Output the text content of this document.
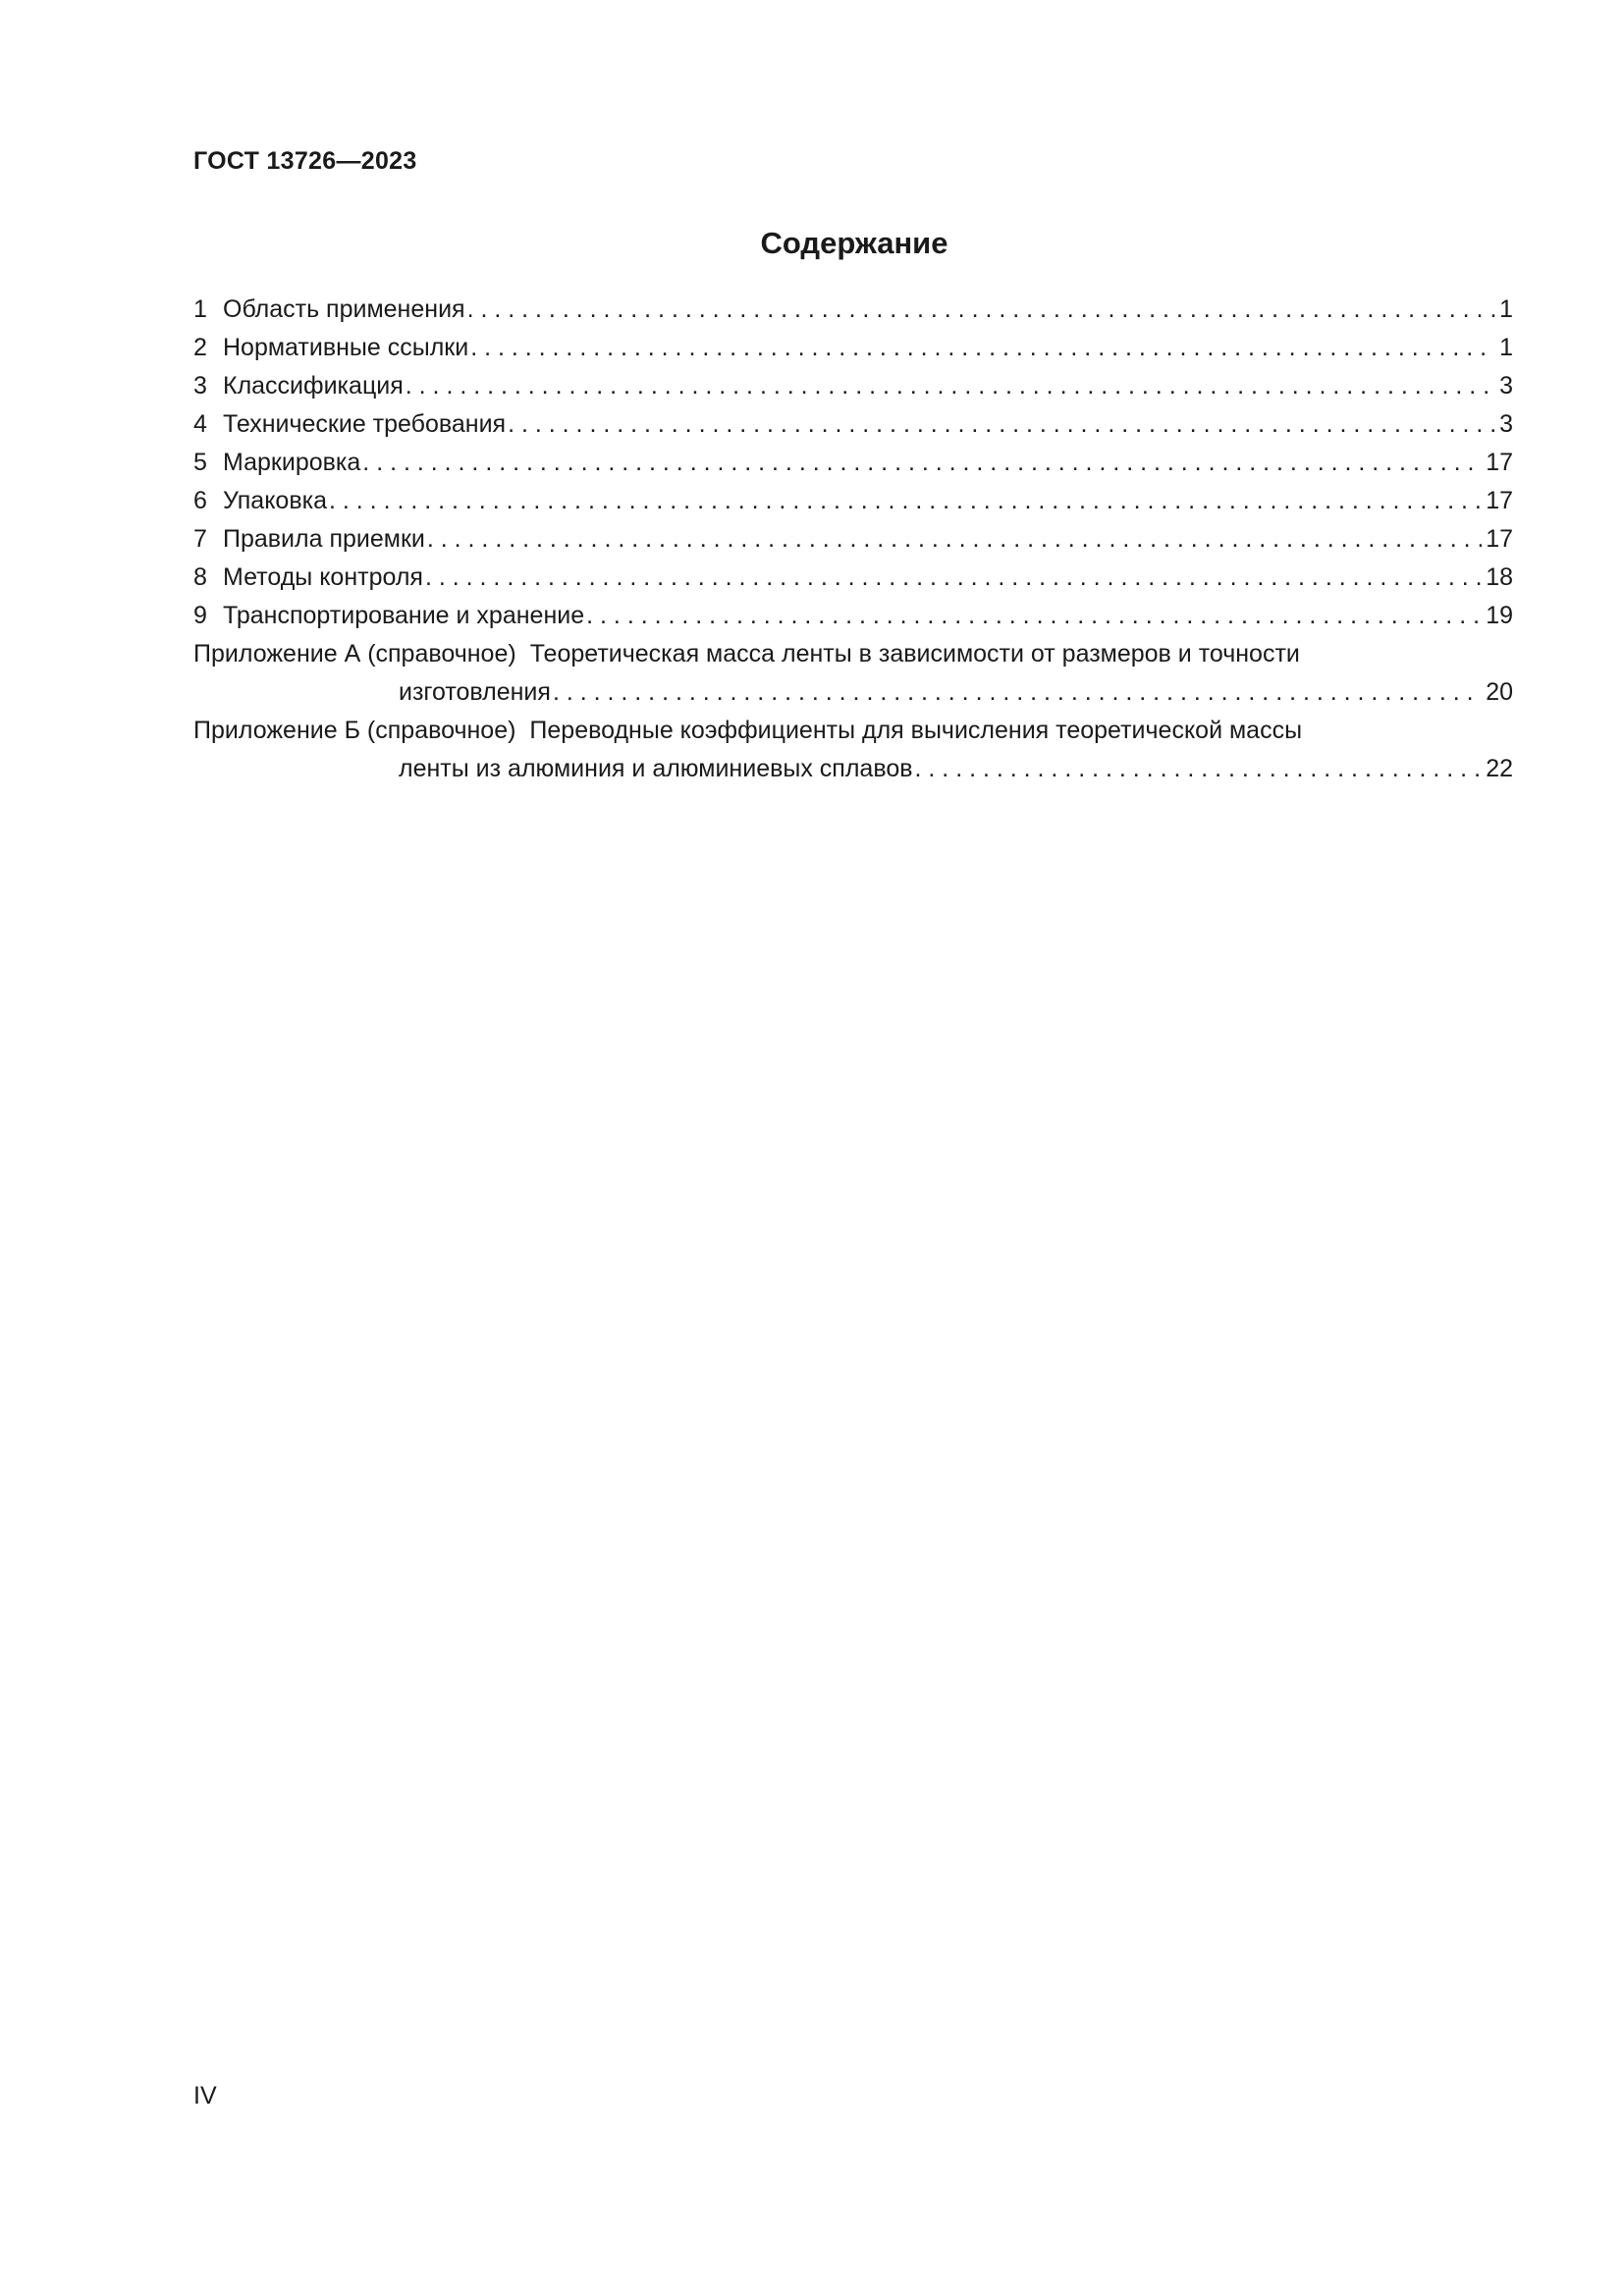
ГОСТ 13726—2023
Содержание
1 Область применения . . .	1
2 Нормативные ссылки . . .	1
3 Классификация . . .	3
4 Технические требования . . .	3
5 Маркировка . . .	17
6 Упаковка . . .	17
7 Правила приемки . . .	17
8 Методы контроля . . .	18
9 Транспортирование и хранение . . .	19
Приложение А (справочное) Теоретическая масса ленты в зависимости от размеров и точности
изготовления . . .	20
Приложение Б (справочное) Переводные коэффициенты для вычисления теоретической массы
ленты из алюминия и алюминиевых сплавов . . .	22
IV
